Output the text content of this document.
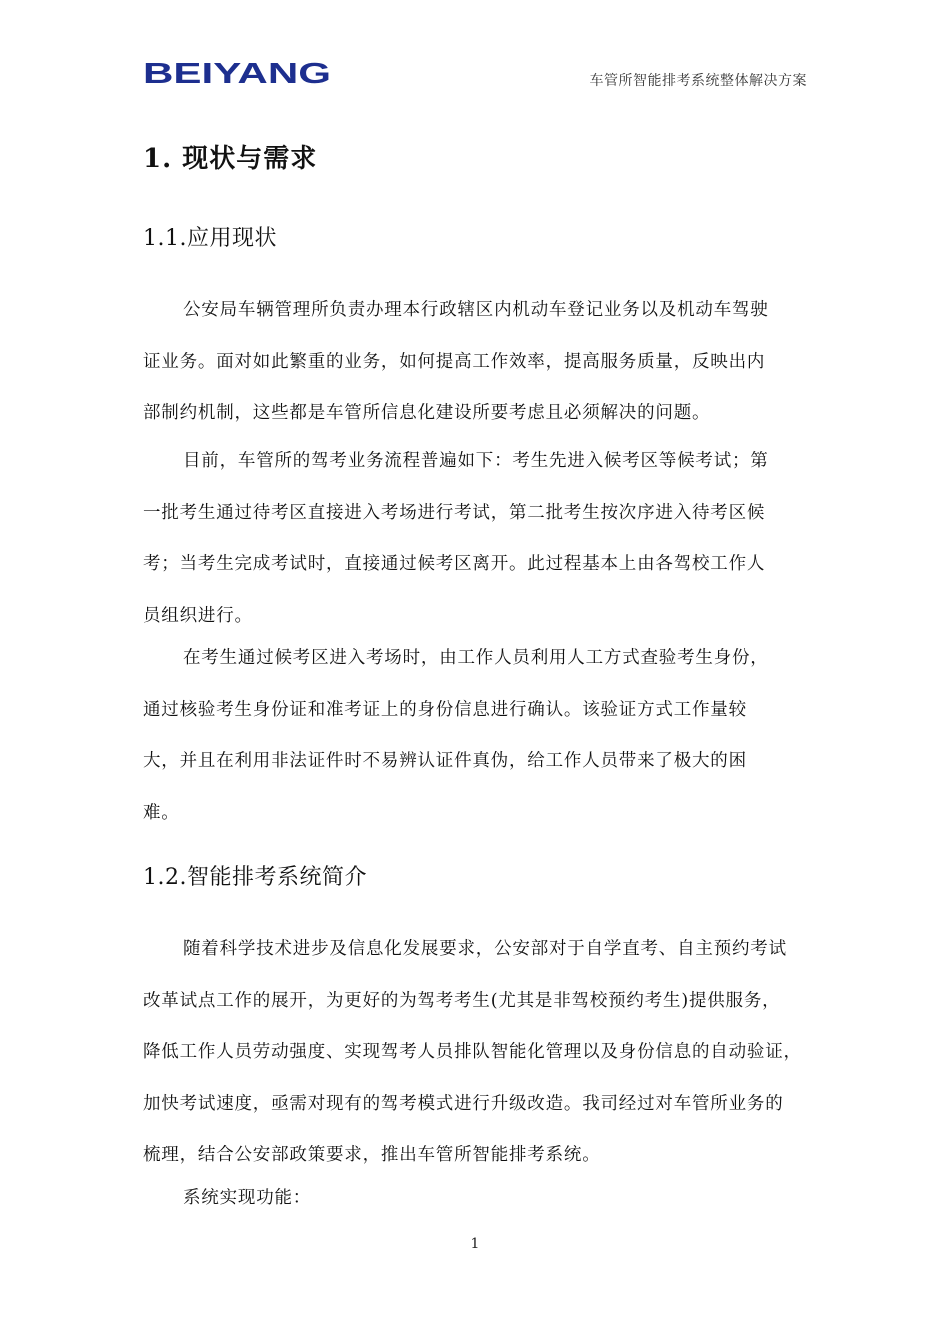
BEIYANG	车管所智能排考系统整体解决方案
1. 现状与需求
1.1.应用现状
公安局车辆管理所负责办理本行政辖区内机动车登记业务以及机动车驾驶
证业务。面对如此繁重的业务，如何提高工作效率，提高服务质量，反映出内
部制约机制，这些都是车管所信息化建设所要考虑且必须解决的问题。
目前，车管所的驾考业务流程普遍如下：考生先进入候考区等候考试；第
一批考生通过待考区直接进入考场进行考试，第二批考生按次序进入待考区候
考；当考生完成考试时，直接通过候考区离开。此过程基本上由各驾校工作人
员组织进行。
在考生通过候考区进入考场时，由工作人员利用人工方式查验考生身份，
通过核验考生身份证和准考证上的身份信息进行确认。该验证方式工作量较
大，并且在利用非法证件时不易辨认证件真伪，给工作人员带来了极大的困
难。
1.2.智能排考系统简介
随着科学技术进步及信息化发展要求，公安部对于自学直考、自主预约考试
改革试点工作的展开，为更好的为驾考考生(尤其是非驾校预约考生)提供服务，
降低工作人员劳动强度、实现驾考人员排队智能化管理以及身份信息的自动验证，
加快考试速度，亟需对现有的驾考模式进行升级改造。我司经过对车管所业务的
梳理，结合公安部政策要求，推出车管所智能排考系统。
系统实现功能：
1
